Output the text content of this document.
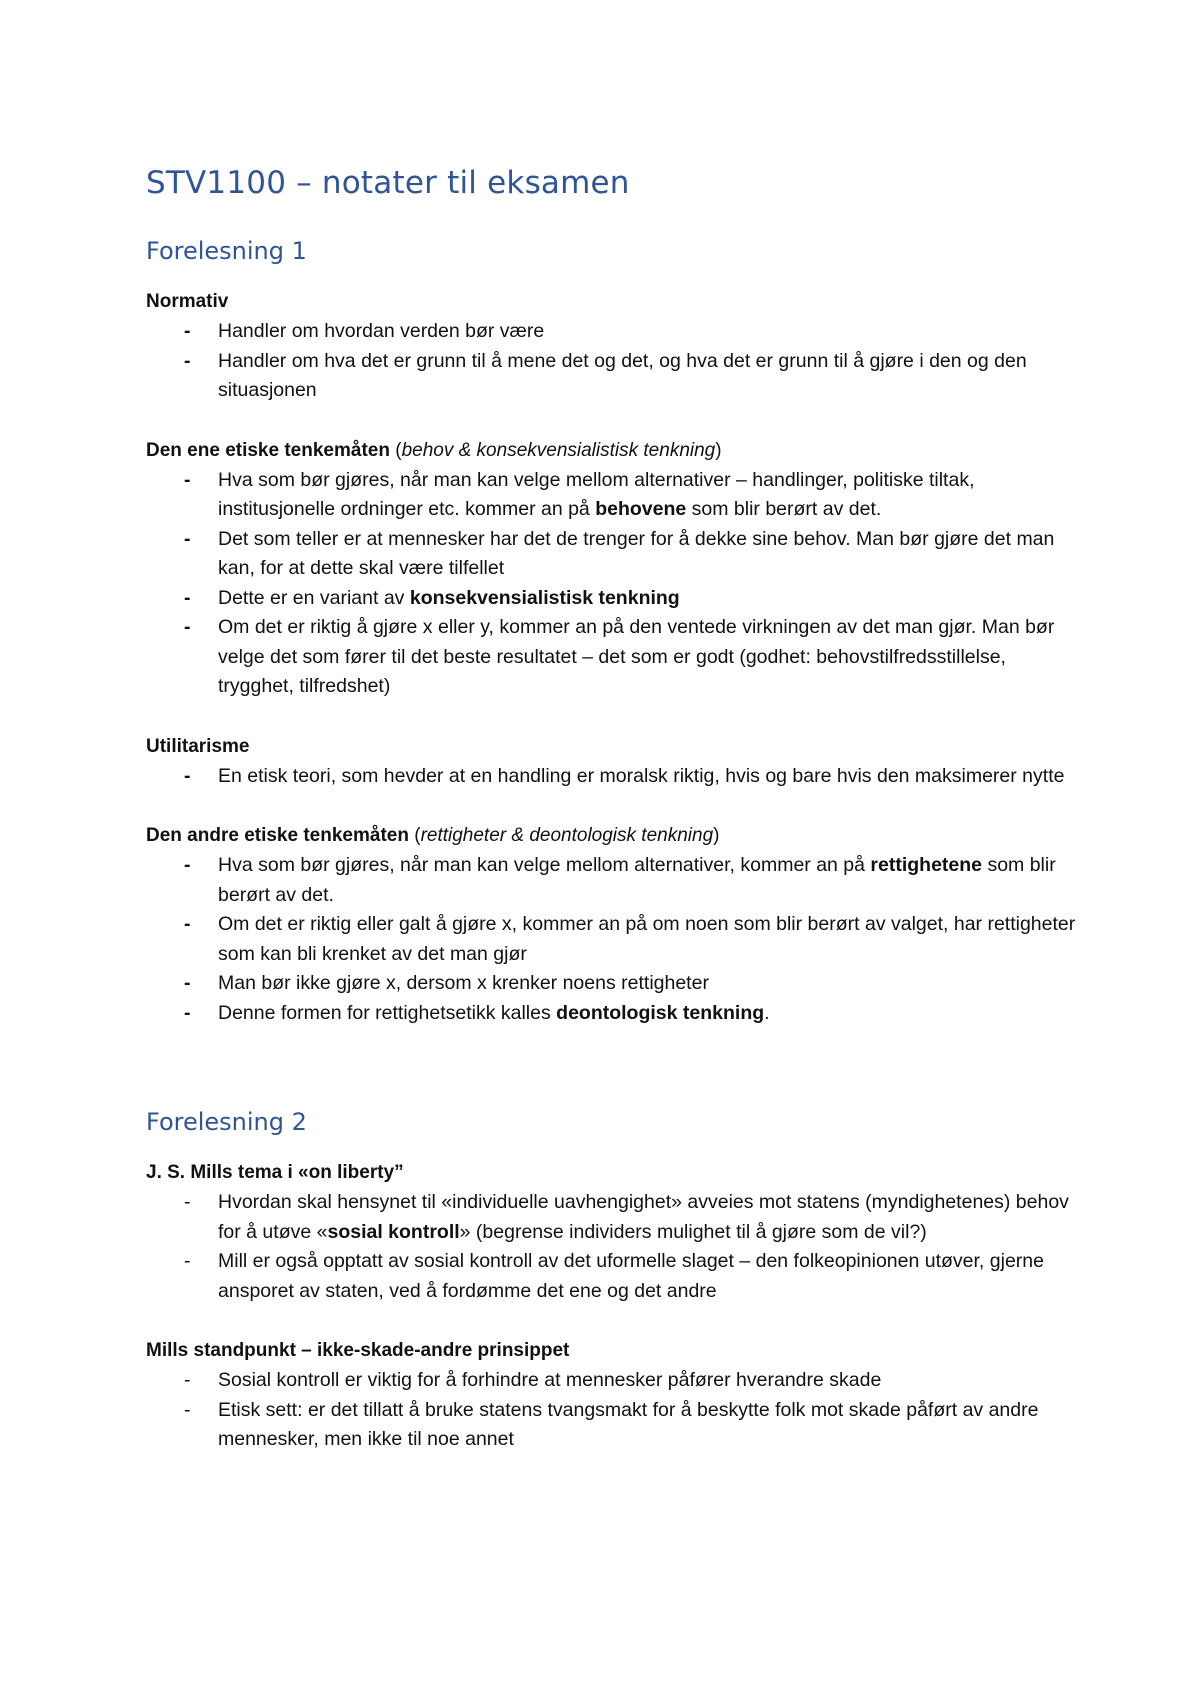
STV1100 – notater til eksamen
Forelesning 1

Normativ

- Handler om hvordan verden bør være
- Handler om hva det er grunn til å mene det og det, og hva det er grunn til å gjøre i den og den situasjonen

Den ene etiske tenkemåten (behov & konsekvensialistisk tenkning)

- Hva som bør gjøres, når man kan velge mellom alternativer – handlinger, politiske tiltak, institusjonelle ordninger etc. kommer an på behovene som blir berørt av det.
- Det som teller er at mennesker har det de trenger for å dekke sine behov. Man bør gjøre det man kan, for at dette skal være tilfellet
- Dette er en variant av konsekvensialistisk tenkning
- Om det er riktig å gjøre x eller y, kommer an på den ventede virkningen av det man gjør. Man bør velge det som fører til det beste resultatet – det som er godt (godhet: behovstilfredsstillelse, trygghet, tilfredshet)

Utilitarisme

- En etisk teori, som hevder at en handling er moralsk riktig, hvis og bare hvis den maksimerer nytte

Den andre etiske tenkemåten (rettigheter & deontologisk tenkning)

- Hva som bør gjøres, når man kan velge mellom alternativer, kommer an på rettighetene som blir berørt av det.
- Om det er riktig eller galt å gjøre x, kommer an på om noen som blir berørt av valget, har rettigheter som kan bli krenket av det man gjør
- Man bør ikke gjøre x, dersom x krenker noens rettigheter
- Denne formen for rettighetsetikk kalles deontologisk tenkning.
Forelesning 2

J. S. Mills tema i «on liberty”

- Hvordan skal hensynet til «individuelle uavhengighet» avveies mot statens (myndighetenes) behov for å utøve «sosial kontroll» (begrense individers mulighet til å gjøre som de vil?)
- Mill er også opptatt av sosial kontroll av det uformelle slaget – den folkeopinionen utøver, gjerne ansporet av staten, ved å fordømme det ene og det andre

Mills standpunkt – ikke-skade-andre prinsippet

- Sosial kontroll er viktig for å forhindre at mennesker påfører hverandre skade
- Etisk sett: er det tillatt å bruke statens tvangsmakt for å beskytte folk mot skade påført av andre mennesker, men ikke til noe annet
